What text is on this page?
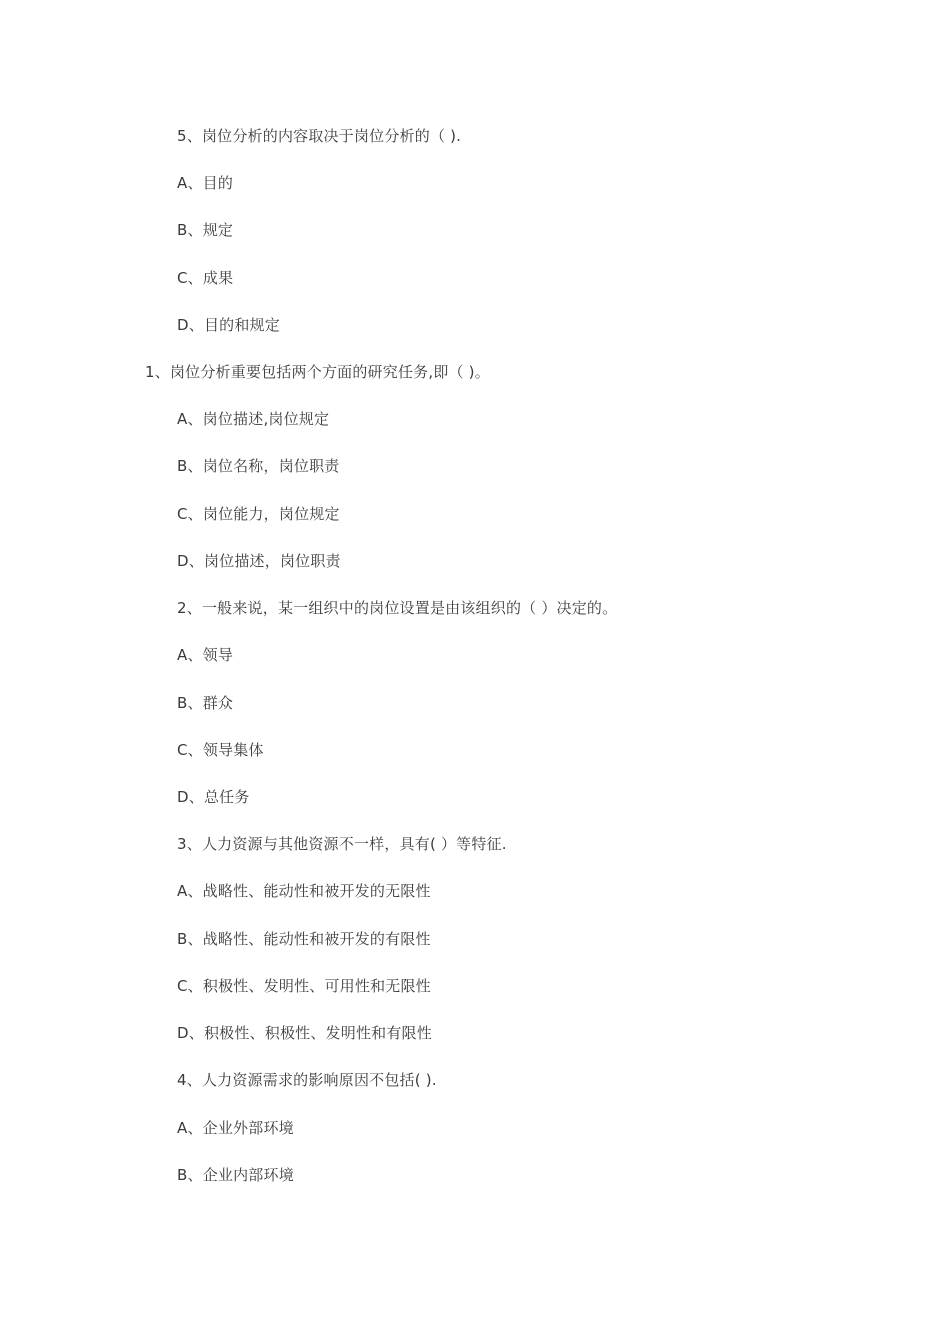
5、岗位分析的内容取决于岗位分析的（ ).
A、目的
B、规定
C、成果
D、目的和规定
1、岗位分析重要包括两个方面的研究任务,即（ )。
A、岗位描述,岗位规定
B、岗位名称，岗位职责
C、岗位能力，岗位规定
D、岗位描述，岗位职责
2、一般来说，某一组织中的岗位设置是由该组织的（ ）决定的。
A、领导
B、群众
C、领导集体
D、总任务
3、人力资源与其他资源不一样，具有( ）等特征.
A、战略性、能动性和被开发的无限性
B、战略性、能动性和被开发的有限性
C、积极性、发明性、可用性和无限性
D、积极性、积极性、发明性和有限性
4、人力资源需求的影响原因不包括( ).
A、企业外部环境
B、企业内部环境
